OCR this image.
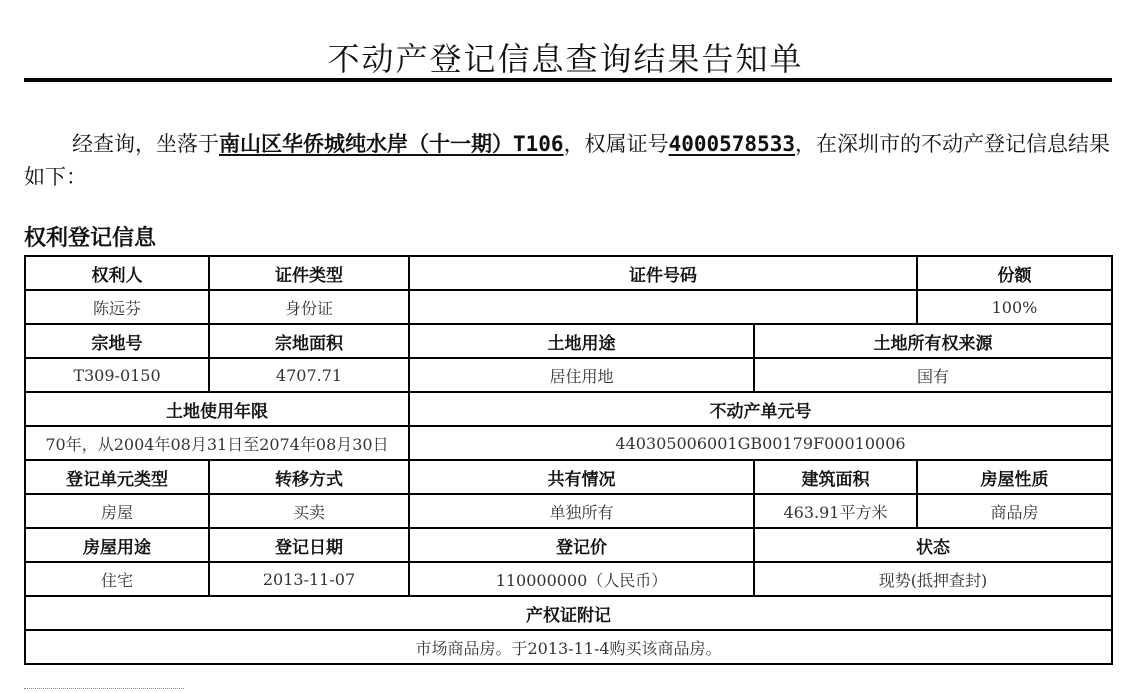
不动产登记信息查询结果告知单
经查询，坐落于南山区华侨城纯水岸（十一期）T106，权属证号4000578533，在深圳市的不动产登记信息结果如下：
权利登记信息
权利人	证件类型	证件号码		份额
陈远芬	身份证			100%
宗地号	宗地面积	土地用途	土地所有权来源	
T309-0150	4707.71	居住用地	国有	
土地使用年限		不动产单元号		
70年，从2004年08月31日至2074年08月30日		440305006001GB00179F00010006		
登记单元类型	转移方式	共有情况	建筑面积	房屋性质
房屋	买卖	单独所有	463.91平方米	商品房
房屋用途	登记日期	登记价	状态	
住宅	2013-11-07	110000000（人民币）	现势(抵押查封)	
产权证附记				
市场商品房。于2013-11-4购买该商品房。				
